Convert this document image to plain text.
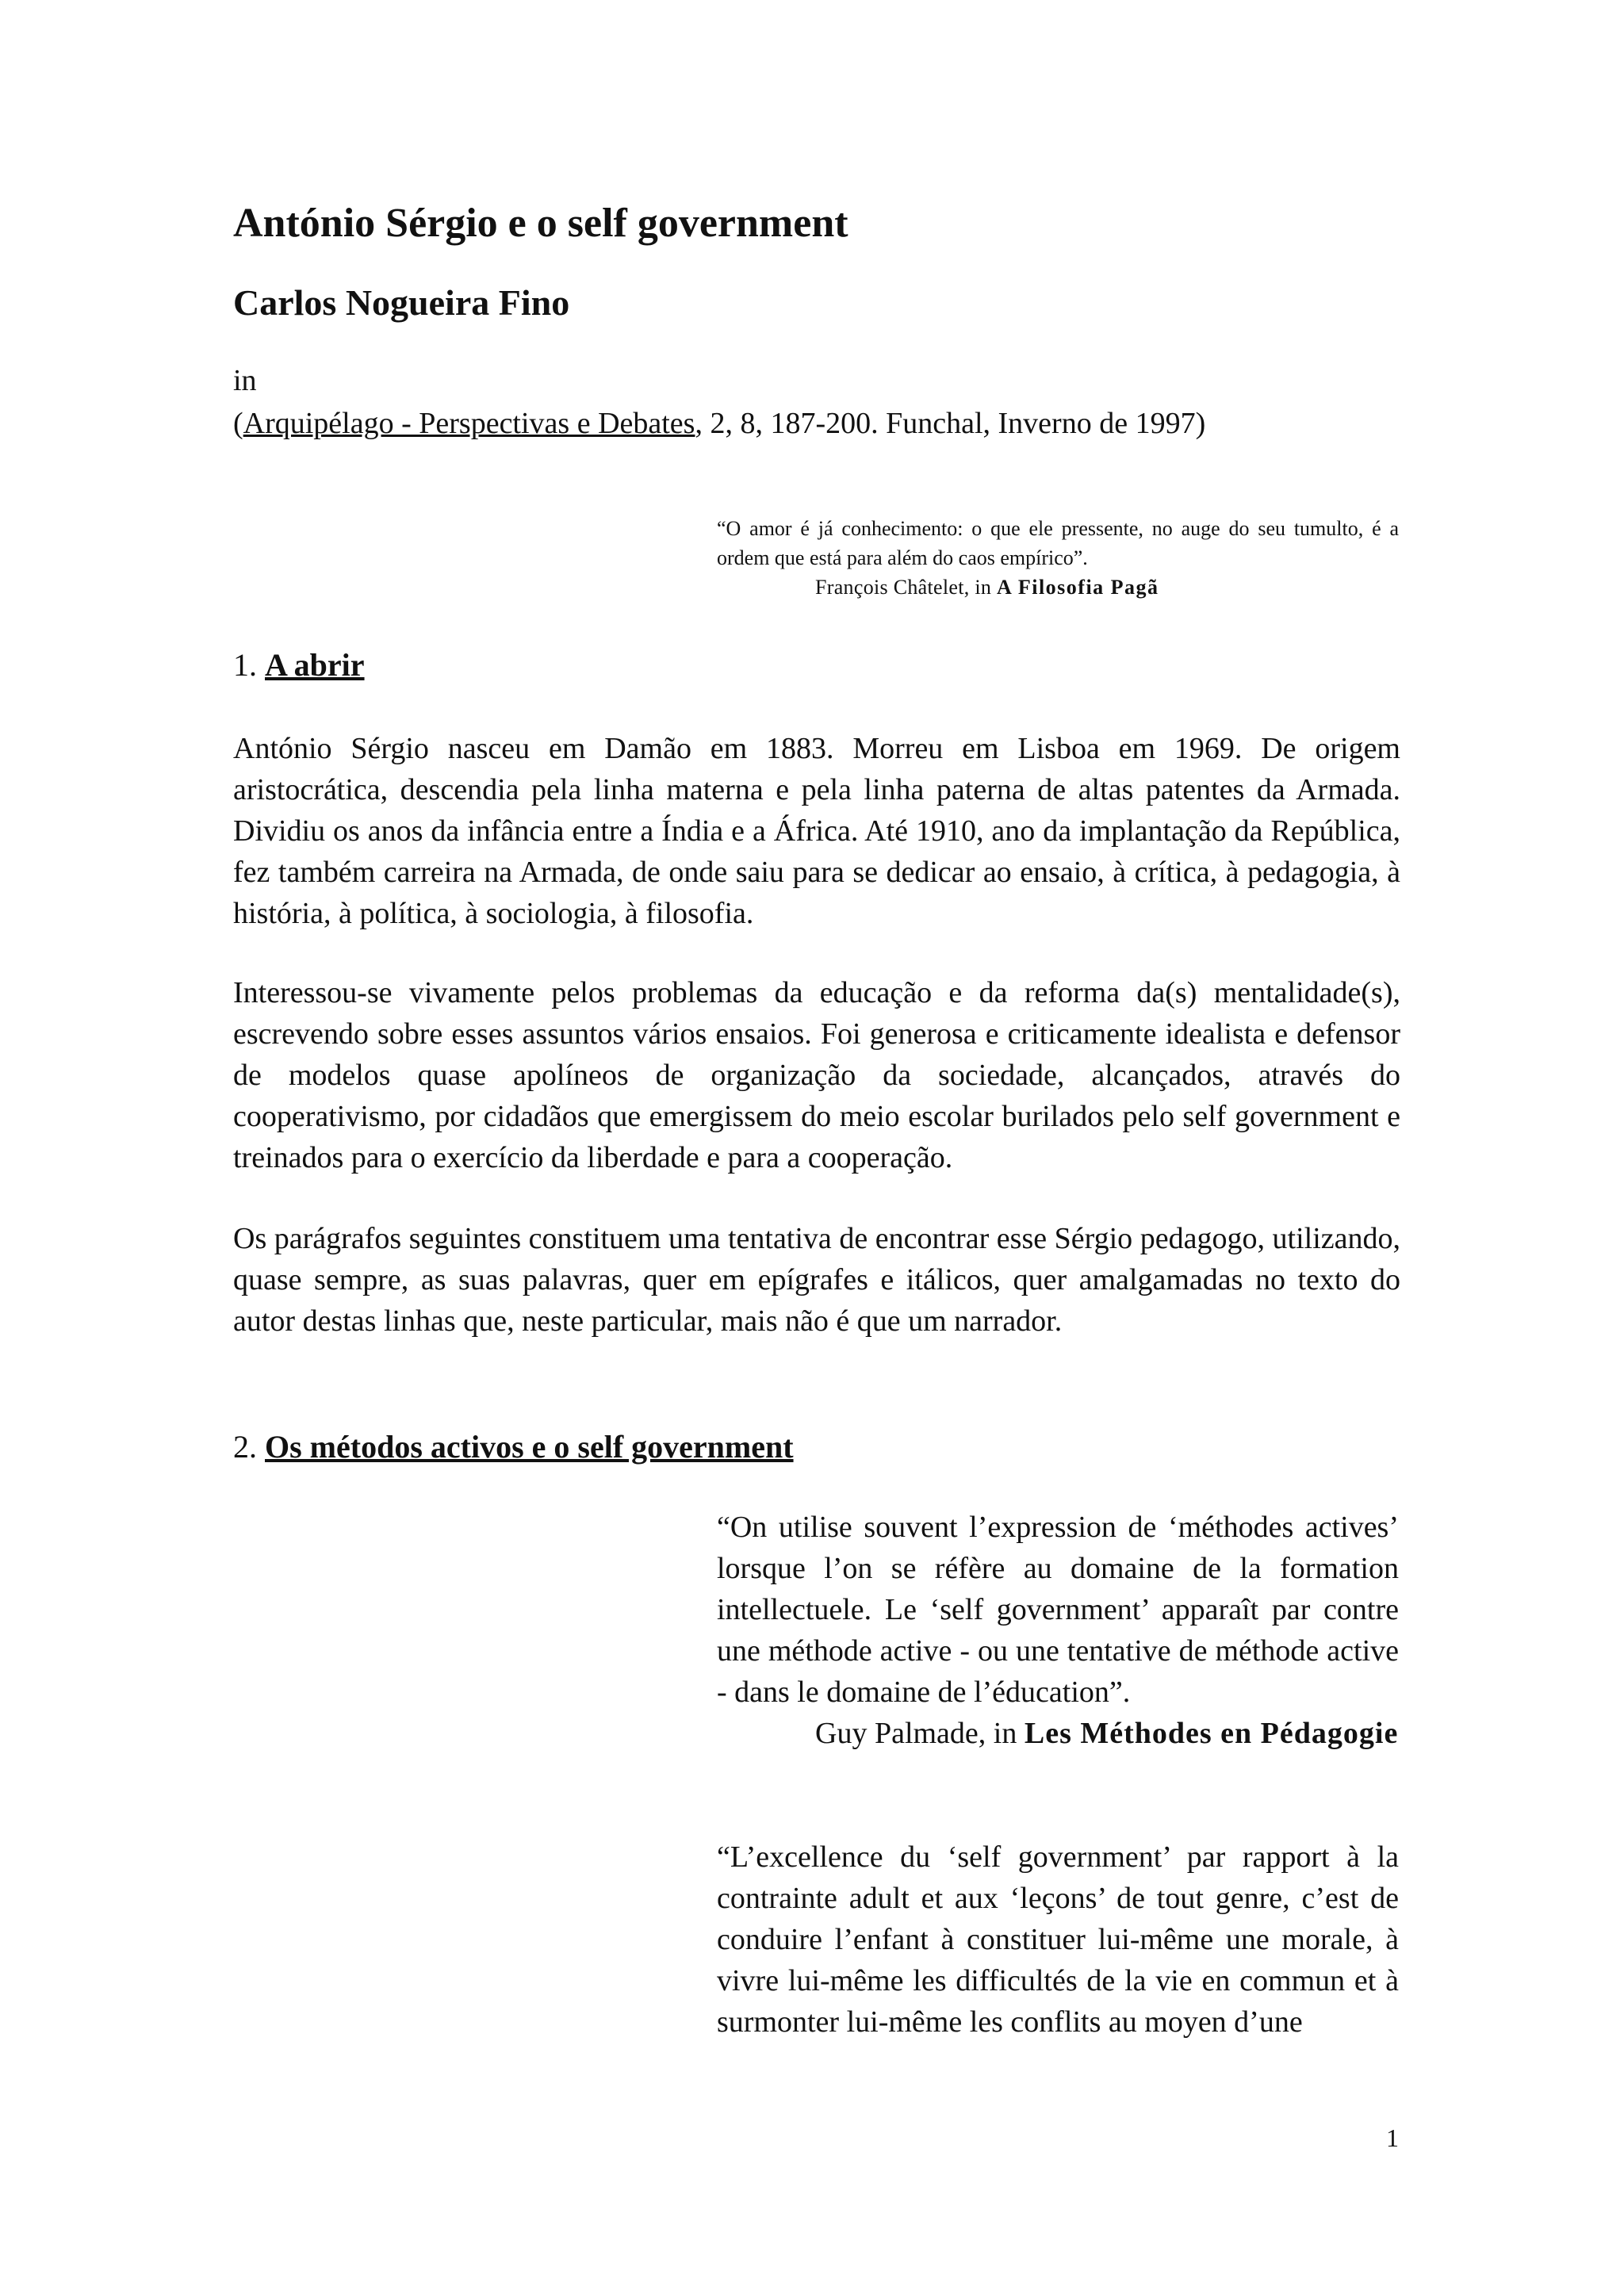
António Sérgio e o self government
Carlos Nogueira Fino
in
(Arquipélago - Perspectivas e Debates, 2, 8, 187-200. Funchal, Inverno de 1997)
“O amor é já conhecimento: o que ele pressente, no auge do seu tumulto, é a ordem que está para além do caos empírico”.
François Châtelet, in A Filosofia Pagã
1. A abrir

António Sérgio nasceu em Damão em 1883. Morreu em Lisboa em 1969. De origem aristocrática, descendia pela linha materna e pela linha paterna de altas patentes da Armada. Dividiu os anos da infância entre a Índia e a África. Até 1910, ano da implantação da República, fez também carreira na Armada, de onde saiu para se dedicar ao ensaio, à crítica, à pedagogia, à história, à política, à sociologia, à filosofia.

Interessou-se vivamente pelos problemas da educação e da reforma da(s) mentalidade(s), escrevendo sobre esses assuntos vários ensaios. Foi generosa e criticamente idealista e defensor de modelos quase apolíneos de organização da sociedade, alcançados, através do cooperativismo, por cidadãos que emergissem do meio escolar burilados pelo self government e treinados para o exercício da liberdade e para a cooperação.

Os parágrafos seguintes constituem uma tentativa de encontrar esse Sérgio pedagogo, utilizando, quase sempre, as suas palavras, quer em epígrafes e itálicos, quer amalgamadas no texto do autor destas linhas que, neste particular, mais não é que um narrador.

2. Os métodos activos e o self government
“On utilise souvent l’expression de ‘méthodes actives’ lorsque l’on se réfère au domaine de la formation intellectuele. Le ‘self government’ apparaît par contre une méthode active - ou une tentative de méthode active - dans le domaine de l’éducation”.
Guy Palmade, in Les Méthodes en Pédagogie

“L’excellence du ‘self government’ par rapport à la contrainte adult et aux ‘leçons’ de tout genre, c’est de conduire l’enfant à constituer lui-même une morale, à vivre lui-même les difficultés de la vie en commun et à surmonter lui-même les conflits au moyen d’une

1
